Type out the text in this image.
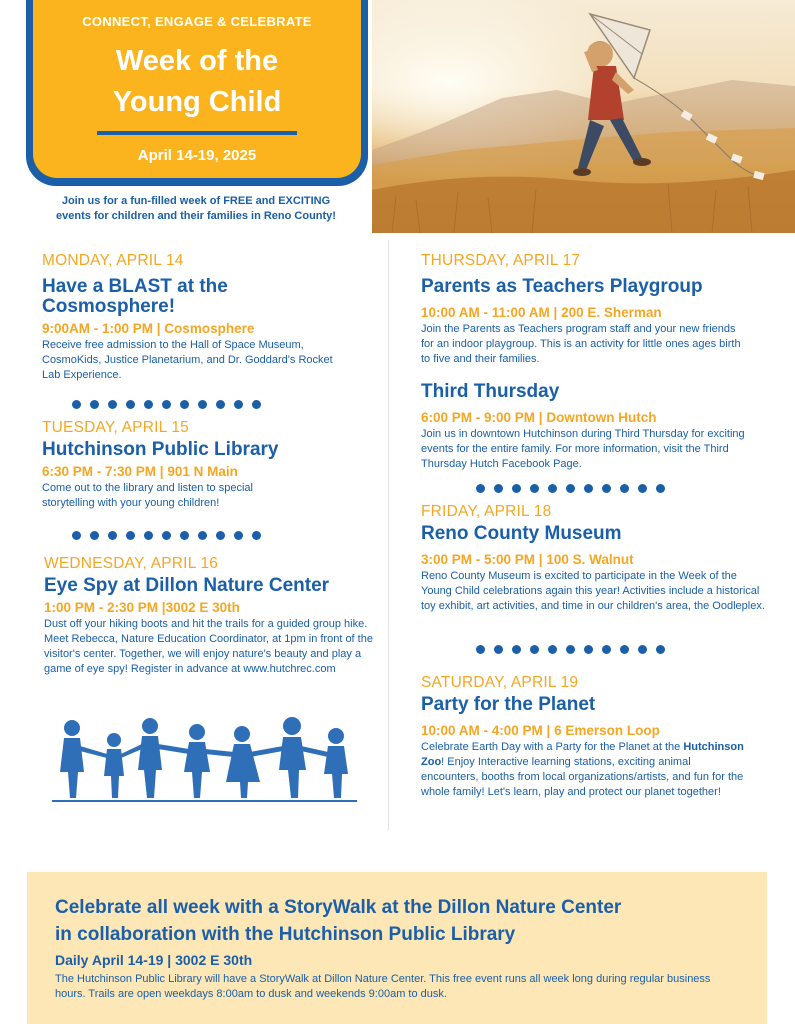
CONNECT, ENGAGE & CELEBRATE
Week of the
Young Child
April 14-19, 2025
Join us for a fun-filled week of FREE and EXCITING
events for children and their families in Reno County!
MONDAY, APRIL 14
Have a BLAST at the
Cosmosphere!
9:00AM - 1:00 PM | Cosmosphere
Receive free admission to the Hall of Space Museum, CosmoKids, Justice Planetarium, and Dr. Goddard's Rocket Lab Experience.
TUESDAY, APRIL 15
Hutchinson Public Library
6:30 PM - 7:30 PM | 901 N Main
Come out to the library and listen to special storytelling with your young children!
WEDNESDAY, APRIL 16
Eye Spy at Dillon Nature Center
1:00 PM - 2:30 PM |3002 E 30th
Dust off your hiking boots and hit the trails for a guided group hike. Meet Rebecca, Nature Education Coordinator, at 1pm in front of the visitor's center. Together, we will enjoy nature's beauty and play a game of eye spy! Register in advance at www.hutchrec.com
THURSDAY, APRIL 17
Parents as Teachers Playgroup
10:00 AM - 11:00 AM | 200 E. Sherman
Join the Parents as Teachers program staff and your new friends for an indoor playgroup. This is an activity for little ones ages birth to five and their families.
Third Thursday
6:00 PM - 9:00 PM | Downtown Hutch
Join us in downtown Hutchinson during Third Thursday for exciting events for the entire family. For more information, visit the Third Thursday Hutch Facebook Page.
FRIDAY, APRIL 18
Reno County Museum
3:00 PM - 5:00 PM | 100 S. Walnut
Reno County Museum is excited to participate in the Week of the Young Child celebrations again this year! Activities include a historical toy exhibit, art activities, and time in our children's area, the Oodleplex.
SATURDAY, APRIL 19
Party for the Planet
10:00 AM - 4:00 PM | 6 Emerson Loop
Celebrate Earth Day with a Party for the Planet at the Hutchinson Zoo! Enjoy Interactive learning stations, exciting animal encounters, booths from local organizations/artists, and fun for the whole family! Let's learn, play and protect our planet together!
Celebrate all week with a StoryWalk at the Dillon Nature Center
in collaboration with the Hutchinson Public Library
Daily April 14-19 | 3002 E 30th
The Hutchinson Public Library will have a StoryWalk at Dillon Nature Center. This free event runs all week long during regular business hours. Trails are open weekdays 8:00am to dusk and weekends 9:00am to dusk.
